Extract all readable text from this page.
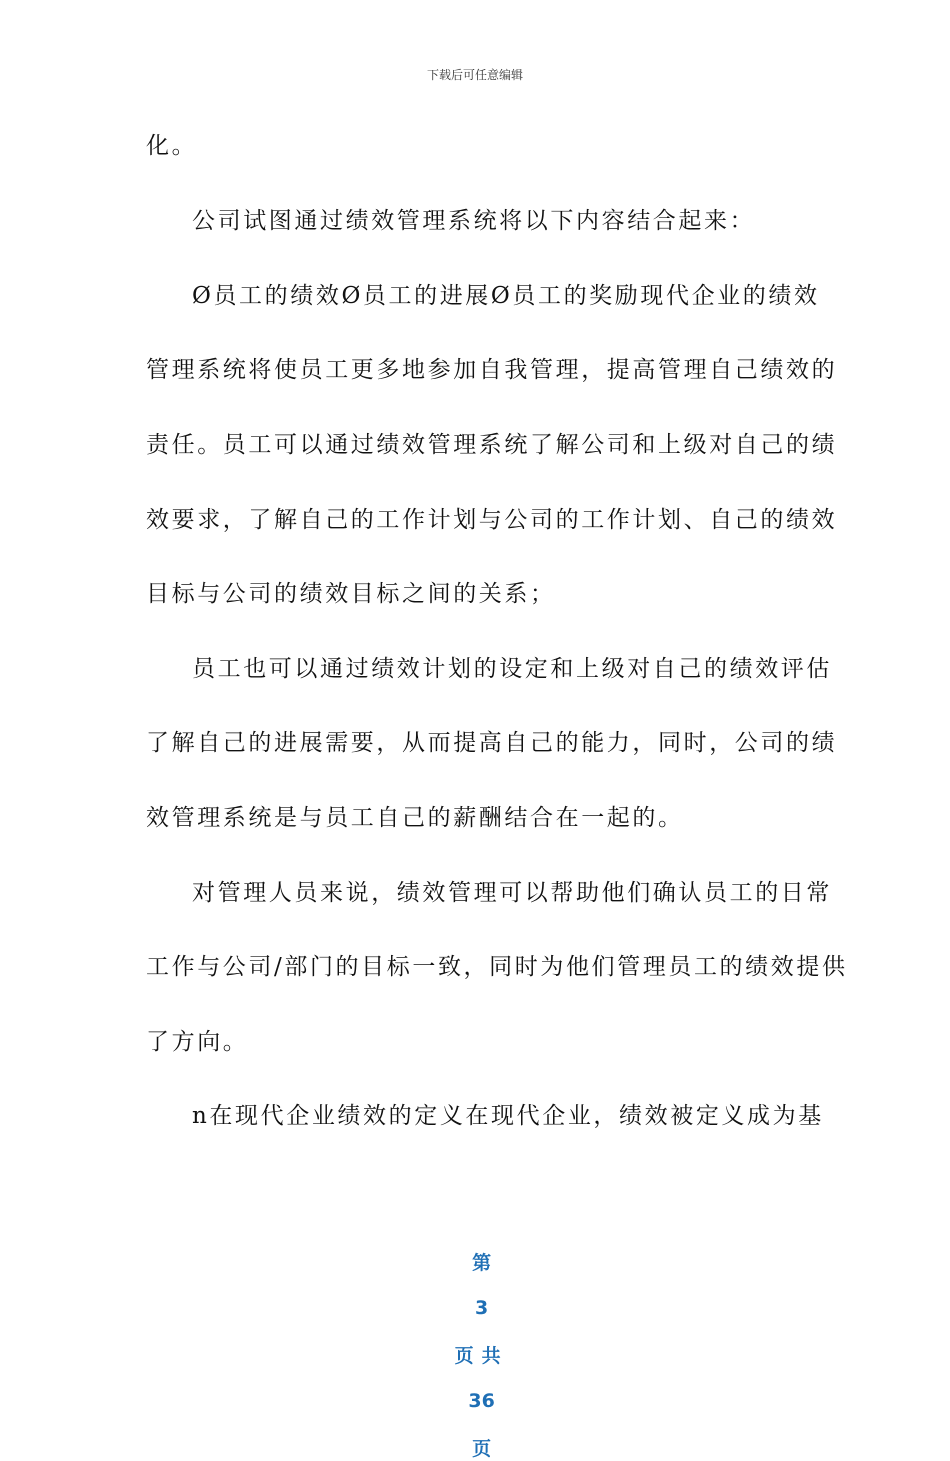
下载后可任意编辑
化。
公司试图通过绩效管理系统将以下内容结合起来：
Ø员工的绩效Ø员工的进展Ø员工的奖励现代企业的绩效
管理系统将使员工更多地参加自我管理，提高管理自己绩效的
责任。员工可以通过绩效管理系统了解公司和上级对自己的绩
效要求，了解自己的工作计划与公司的工作计划、自己的绩效
目标与公司的绩效目标之间的关系；
员工也可以通过绩效计划的设定和上级对自己的绩效评估
了解自己的进展需要，从而提高自己的能力，同时，公司的绩
效管理系统是与员工自己的薪酬结合在一起的。
对管理人员来说，绩效管理可以帮助他们确认员工的日常
工作与公司/部门的目标一致，同时为他们管理员工的绩效提供
了方向。
n在现代企业绩效的定义在现代企业，绩效被定义成为基

第

3

页共

36

页
